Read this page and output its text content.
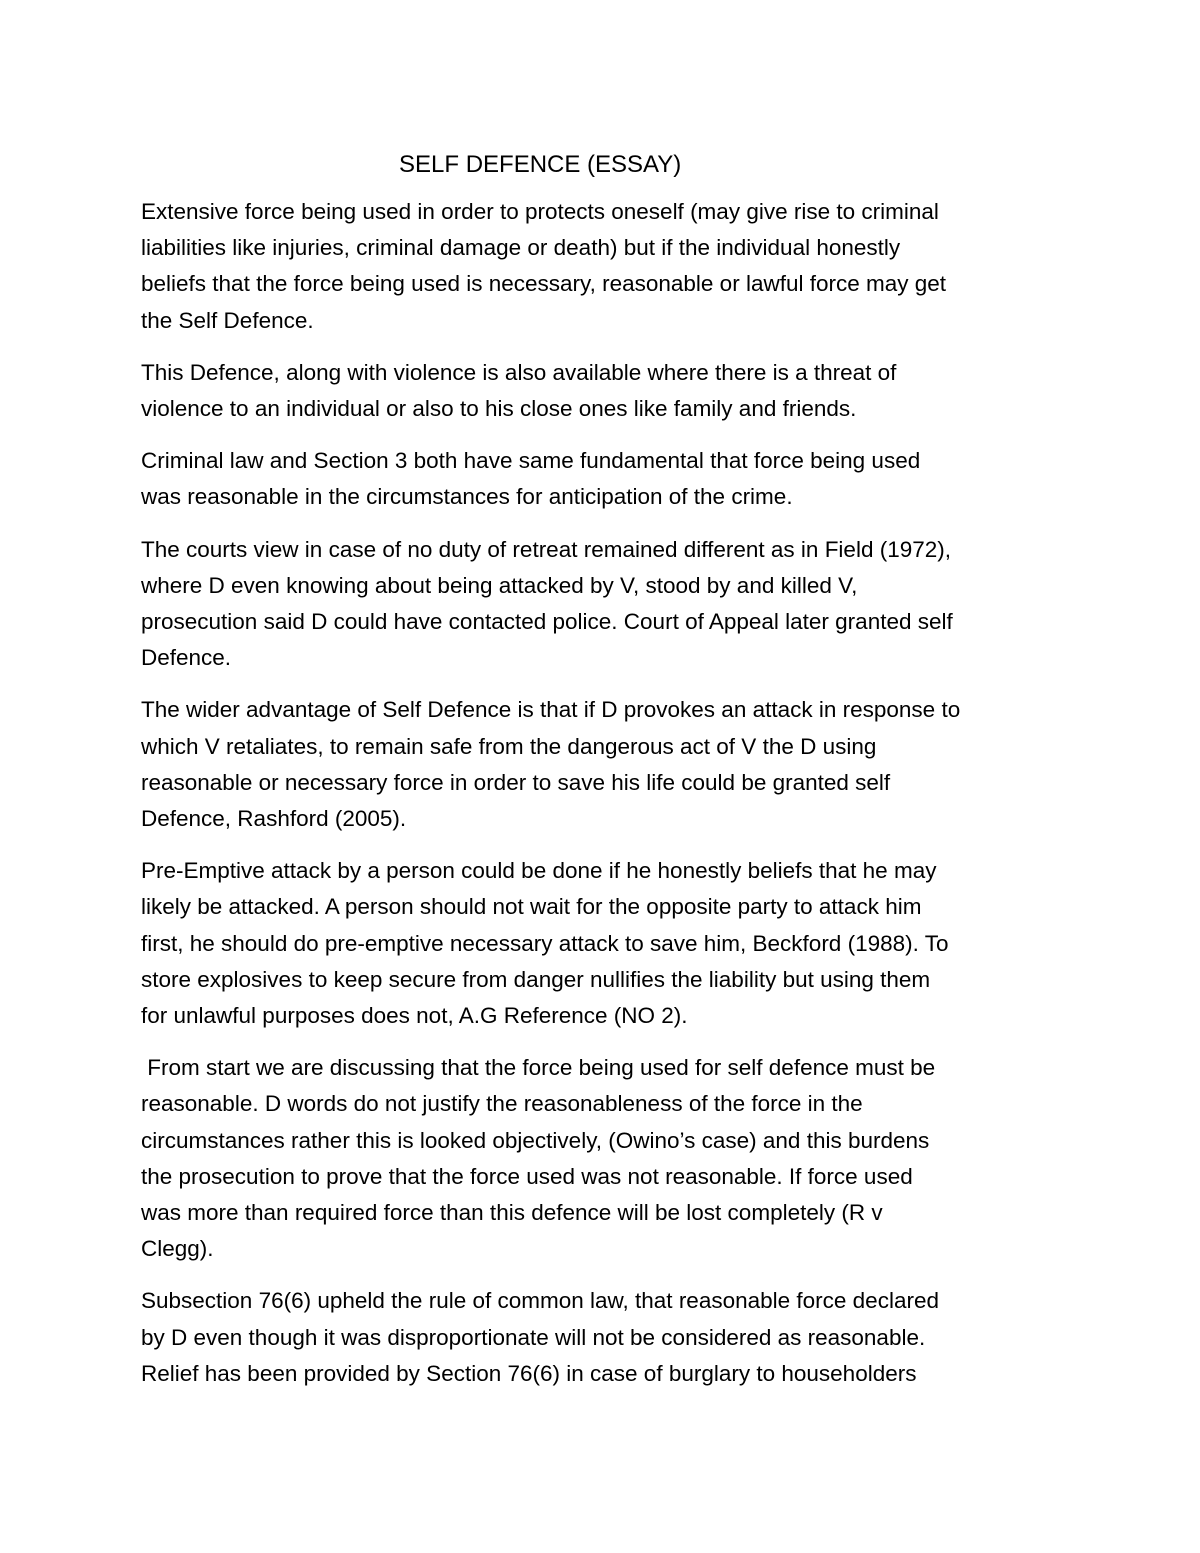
SELF DEFENCE (ESSAY)
Extensive force being used in order to protects oneself (may give rise to criminal
liabilities like injuries, criminal damage or death) but if the individual honestly
beliefs that the force being used is necessary, reasonable or lawful force may get
the Self Defence.
This Defence, along with violence is also available where there is a threat of
violence to an individual or also to his close ones like family and friends.
Criminal law and Section 3 both have same fundamental that force being used
was reasonable in the circumstances for anticipation of the crime.
The courts view in case of no duty of retreat remained different as in Field (1972),
where D even knowing about being attacked by V, stood by and killed V,
prosecution said D could have contacted police. Court of Appeal later granted self
Defence.
The wider advantage of Self Defence is that if D provokes an attack in response to
which V retaliates, to remain safe from the dangerous act of V the D using
reasonable or necessary force in order to save his life could be granted self
Defence, Rashford (2005).
Pre-Emptive attack by a person could be done if he honestly beliefs that he may
likely be attacked. A person should not wait for the opposite party to attack him
first, he should do pre-emptive necessary attack to save him, Beckford (1988). To
store explosives to keep secure from danger nullifies the liability but using them
for unlawful purposes does not, A.G Reference (NO 2).
From start we are discussing that the force being used for self defence must be
reasonable. D words do not justify the reasonableness of the force in the
circumstances rather this is looked objectively, (Owino’s case) and this burdens
the prosecution to prove that the force used was not reasonable. If force used
was more than required force than this defence will be lost completely (R v
Clegg).
Subsection 76(6) upheld the rule of common law, that reasonable force declared
by D even though it was disproportionate will not be considered as reasonable.
Relief has been provided by Section 76(6) in case of burglary to householders
